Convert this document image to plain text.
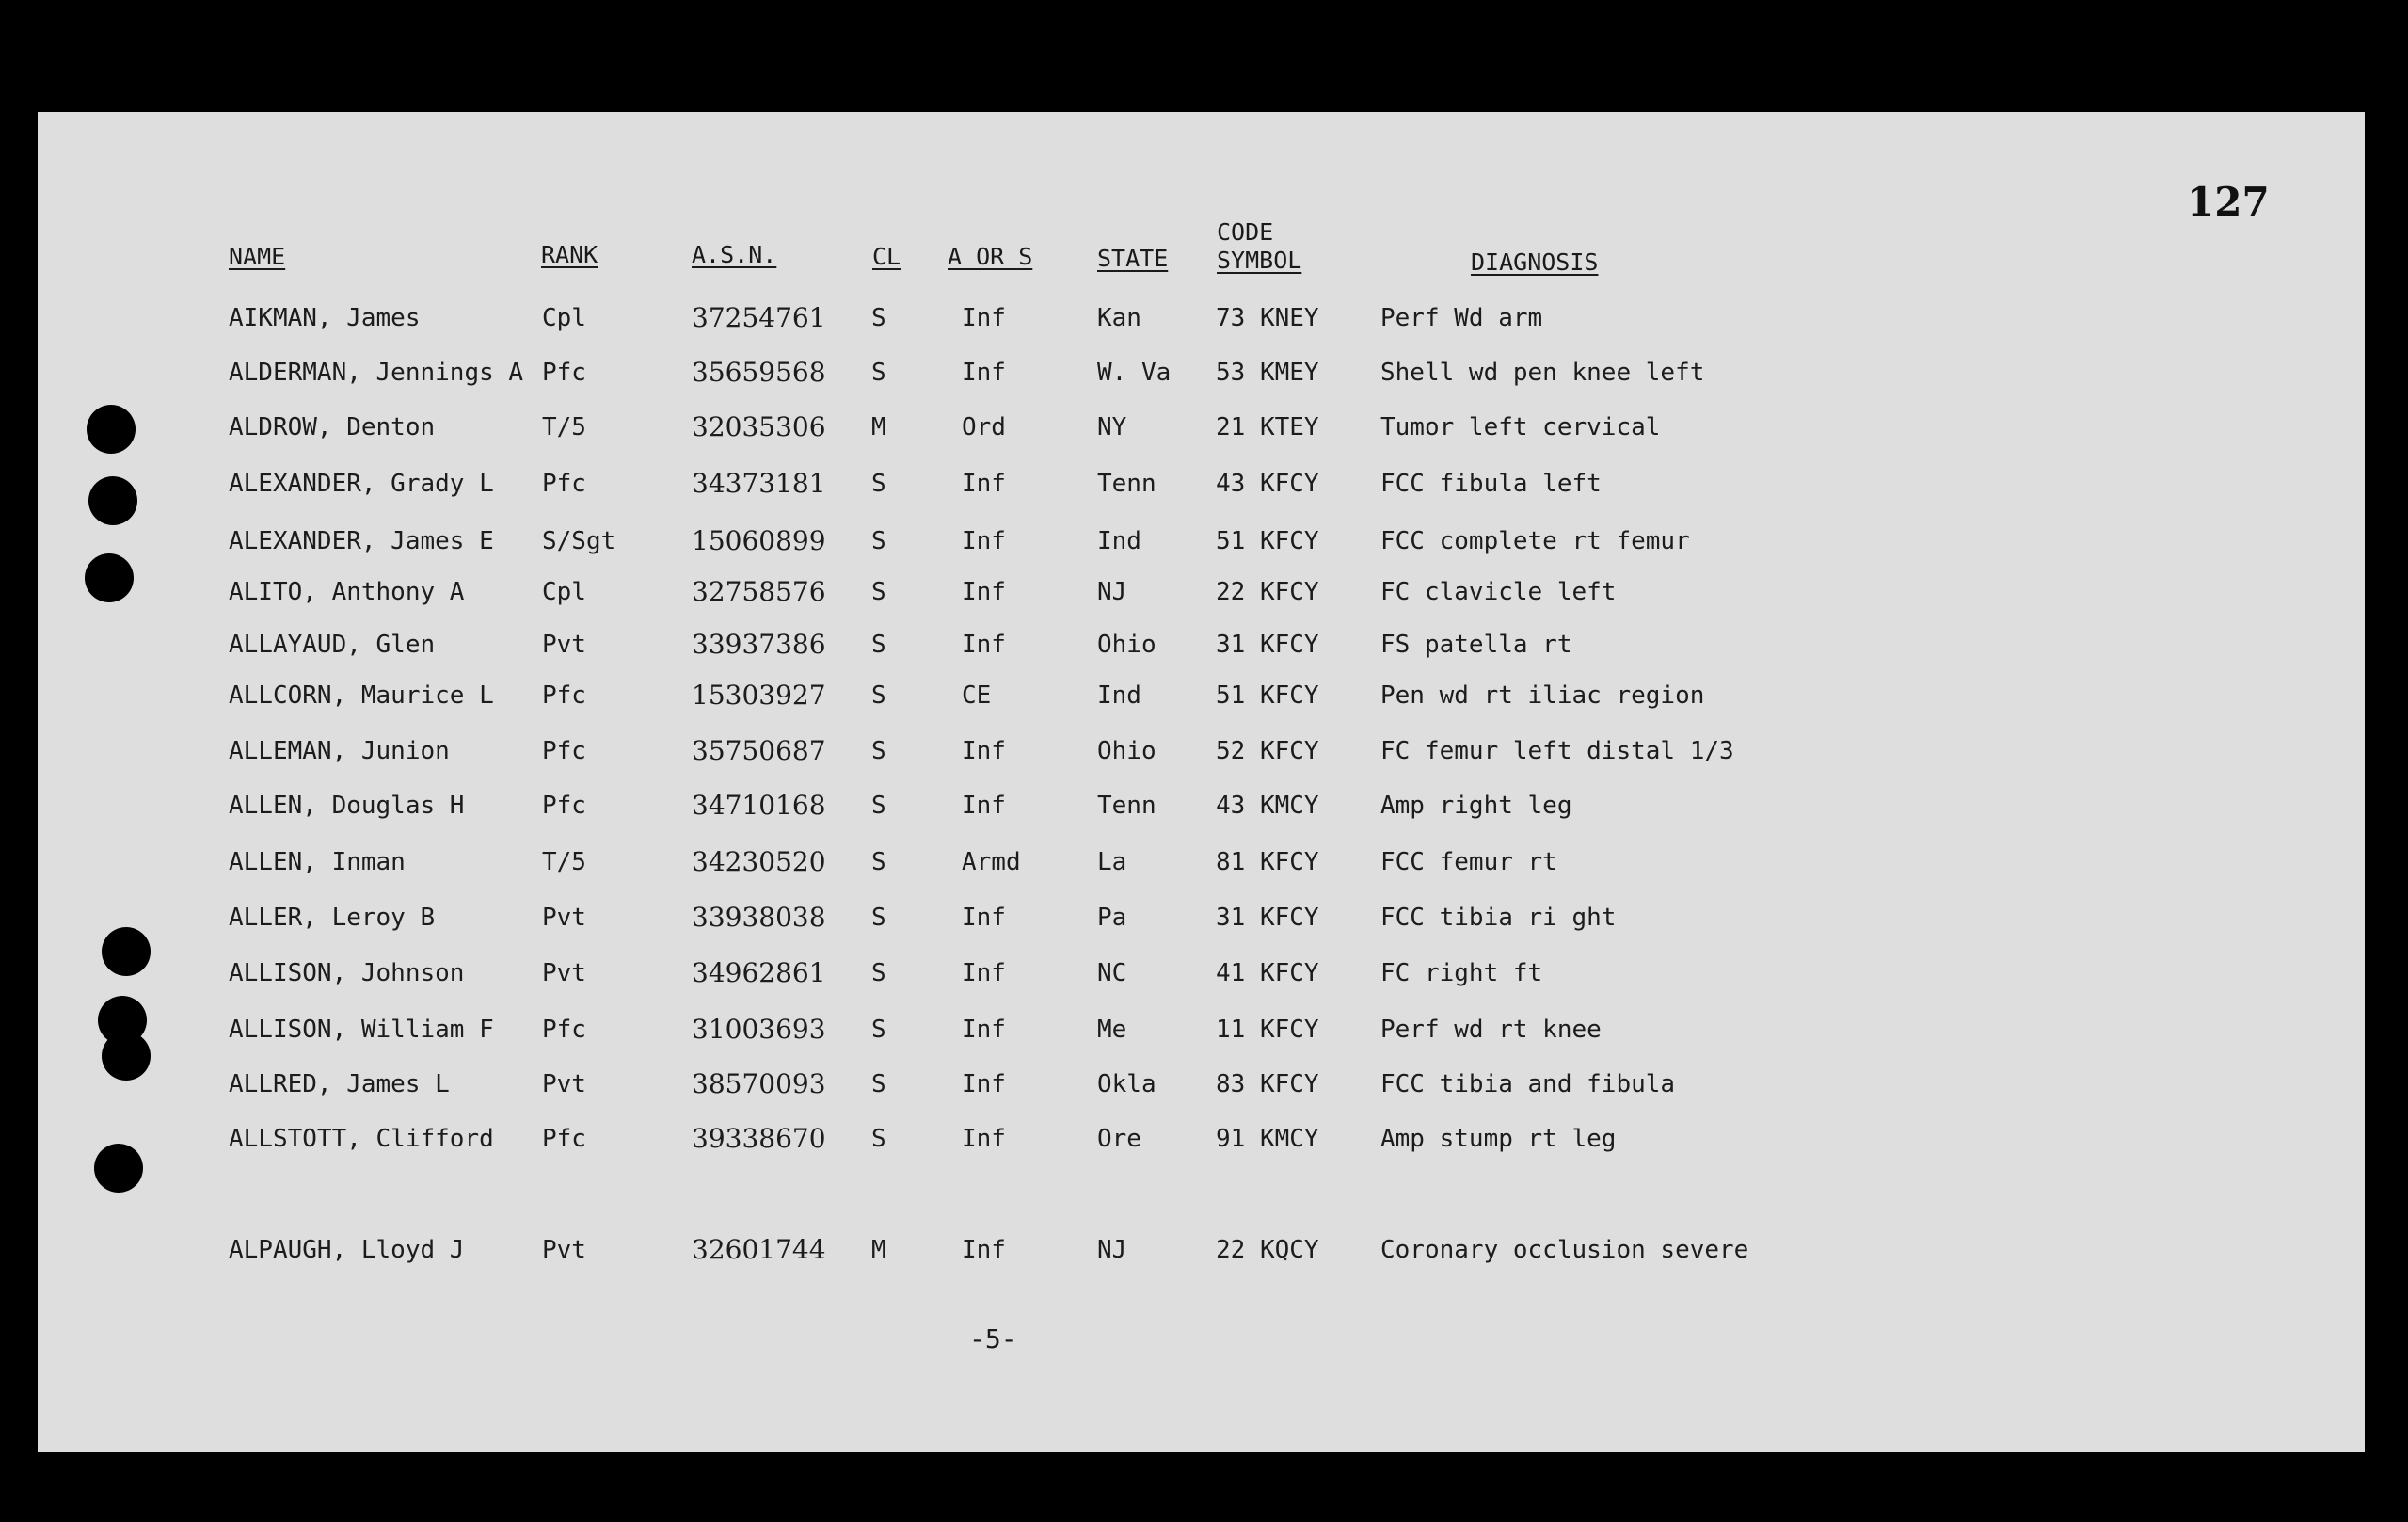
127
NAME	RANK	A.S.N.	CL A OR S	STATE
CODE
SYMBOL	DIAGNOSIS
AIKMAN, James	Cpl	37254761 S	Inf	Kan	73 KNEY	Perf Wd arm
ALDERMAN, Jennings A Pfc	35659568 S	Inf	W. Va 53 KMEY	Shell wd pen knee left
ALDROW, Denton	T/5	32035306 M	Ord	NY	21 KTEY	Tumor left cervical
ALEXANDER, Grady L Pfc	34373181 S	Inf	Tenn 43 KFCY	FCC fibula left
ALEXANDER, James E S/Sgt	15060899 S	Inf	Ind	51 KFCY	FCC complete rt femur
ALITO, Anthony A	Cpl	32758576 S	Inf	NJ	22 KFCY	FC clavicle left
ALLAYAUD, Glen	Pvt	33937386 S	Inf	Ohio 31 KFCY	FS patella rt
ALLCORN, Maurice L Pfc	15303927 S	CE	Ind	51 KFCY	Pen wd rt iliac region
ALLEMAN, Junion	Pfc	35750687 S	Inf	Ohio 52 KFCY	FC femur left distal 1/3
ALLEN, Douglas H	Pfc	34710168 S	Inf	Tenn 43 KMCY	Amp right leg
ALLEN, Inman	T/5	34230520 S	Armd	La	81 KFCY	FCC femur rt
ALLER, Leroy B	Pvt	33938038 S	Inf	Pa	31 KFCY	FCC tibia ri ght
ALLISON, Johnson	Pvt	34962861 S	Inf	NC	41 KFCY	FC right ft
ALLISON, William F Pfc	31003693 S	Inf	Me	11 KFCY	Perf wd rt knee
ALLRED, James L	Pvt	38570093 S	Inf	Okla 83 KFCY	FCC tibia and fibula
ALLSTOTT, Clifford Pfc	39338670 S	Inf	Ore	91 KMCY	Amp stump rt leg
ALPAUGH, Lloyd J	Pvt	32601744 M	Inf	NJ	22 KQCY	Coronary occlusion severe
-5-
